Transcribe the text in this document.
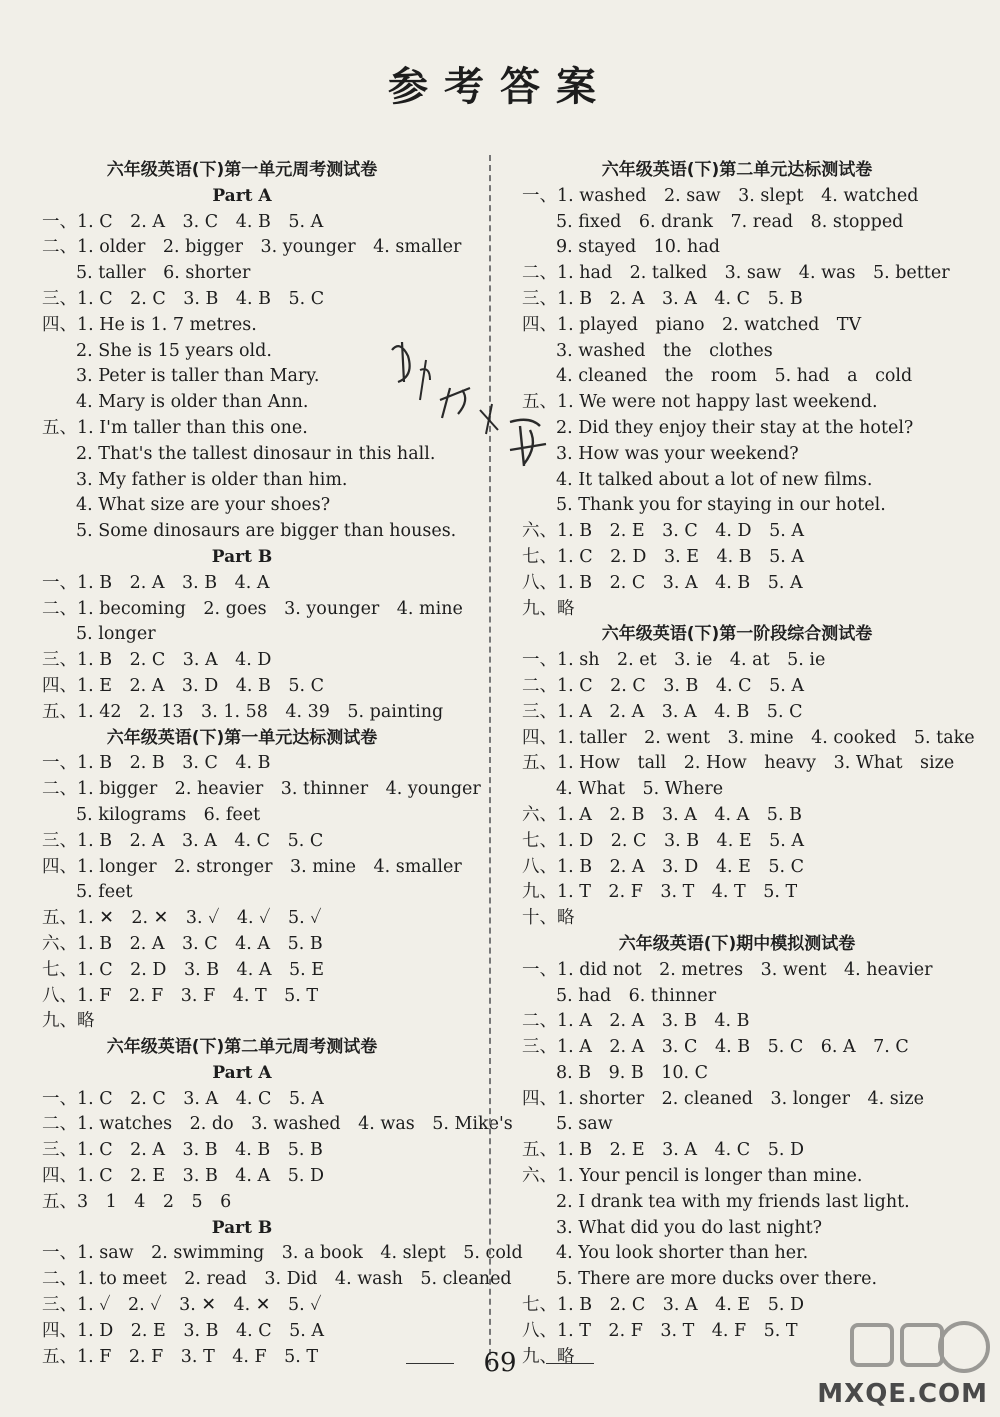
参考答案
六年级英语(下)第一单元周考测试卷
Part A
一、1. C　2. A　3. C　4. B　5. A
二、1. older　2. bigger　3. younger　4. smaller
5. taller　6. shorter
三、1. C　2. C　3. B　4. B　5. C
四、1. He is 1. 7 metres.
2. She is 15 years old.
3. Peter is taller than Mary.
4. Mary is older than Ann.
五、1. I'm taller than this one.
2. That's the tallest dinosaur in this hall.
3. My father is older than him.
4. What size are your shoes?
5. Some dinosaurs are bigger than houses.
Part B
一、1. B　2. A　3. B　4. A
二、1. becoming　2. goes　3. younger　4. mine
5. longer
三、1. B　2. C　3. A　4. D
四、1. E　2. A　3. D　4. B　5. C
五、1. 42　2. 13　3. 1. 58　4. 39　5. painting
六年级英语(下)第一单元达标测试卷
一、1. B　2. B　3. C　4. B
二、1. bigger　2. heavier　3. thinner　4. younger
5. kilograms　6. feet
三、1. B　2. A　3. A　4. C　5. C
四、1. longer　2. stronger　3. mine　4. smaller
5. feet
五、1. ✕　2. ✕　3. ✓　4. ✓　5. ✓
六、1. B　2. A　3. C　4. A　5. B
七、1. C　2. D　3. B　4. A　5. E
八、1. F　2. F　3. F　4. T　5. T
九、略
六年级英语(下)第二单元周考测试卷
Part A
一、1. C　2. C　3. A　4. C　5. A
二、1. watches　2. do　3. washed　4. was　5. Mike's
三、1. C　2. A　3. B　4. B　5. B
四、1. C　2. E　3. B　4. A　5. D
五、3　1　4　2　5　6
Part B
一、1. saw　2. swimming　3. a book　4. slept　5. cold
二、1. to meet　2. read　3. Did　4. wash　5. cleaned
三、1. ✓　2. ✓　3. ✕　4. ✕　5. ✓
四、1. D　2. E　3. B　4. C　5. A
五、1. F　2. F　3. T　4. F　5. T
六年级英语(下)第二单元达标测试卷
一、1. washed　2. saw　3. slept　4. watched
5. fixed　6. drank　7. read　8. stopped
9. stayed　10. had
二、1. had　2. talked　3. saw　4. was　5. better
三、1. B　2. A　3. A　4. C　5. B
四、1. played　piano　2. watched　TV
3. washed　the　clothes
4. cleaned　the　room　5. had　a　cold
五、1. We were not happy last weekend.
2. Did they enjoy their stay at the hotel?
3. How was your weekend?
4. It talked about a lot of new films.
5. Thank you for staying in our hotel.
六、1. B　2. E　3. C　4. D　5. A
七、1. C　2. D　3. E　4. B　5. A
八、1. B　2. C　3. A　4. B　5. A
九、略
六年级英语(下)第一阶段综合测试卷
一、1. sh　2. et　3. ie　4. at　5. ie
二、1. C　2. C　3. B　4. C　5. A
三、1. A　2. A　3. A　4. B　5. C
四、1. taller　2. went　3. mine　4. cooked　5. take
五、1. How　tall　2. How　heavy　3. What　size
4. What　5. Where
六、1. A　2. B　3. A　4. A　5. B
七、1. D　2. C　3. B　4. E　5. A
八、1. B　2. A　3. D　4. E　5. C
九、1. T　2. F　3. T　4. T　5. T
十、略
六年级英语(下)期中模拟测试卷
一、1. did not　2. metres　3. went　4. heavier
5. had　6. thinner
二、1. A　2. A　3. B　4. B
三、1. A　2. A　3. C　4. B　5. C　6. A　7. C
8. B　9. B　10. C
四、1. shorter　2. cleaned　3. longer　4. size
5. saw
五、1. B　2. E　3. A　4. C　5. D
六、1. Your pencil is longer than mine.
2. I drank tea with my friends last light.
3. What did you do last night?
4. You look shorter than her.
5. There are more ducks over there.
七、1. B　2. C　3. A　4. E　5. D
八、1. T　2. F　3. T　4. F　5. T
九、略
69
MXQE.COM
